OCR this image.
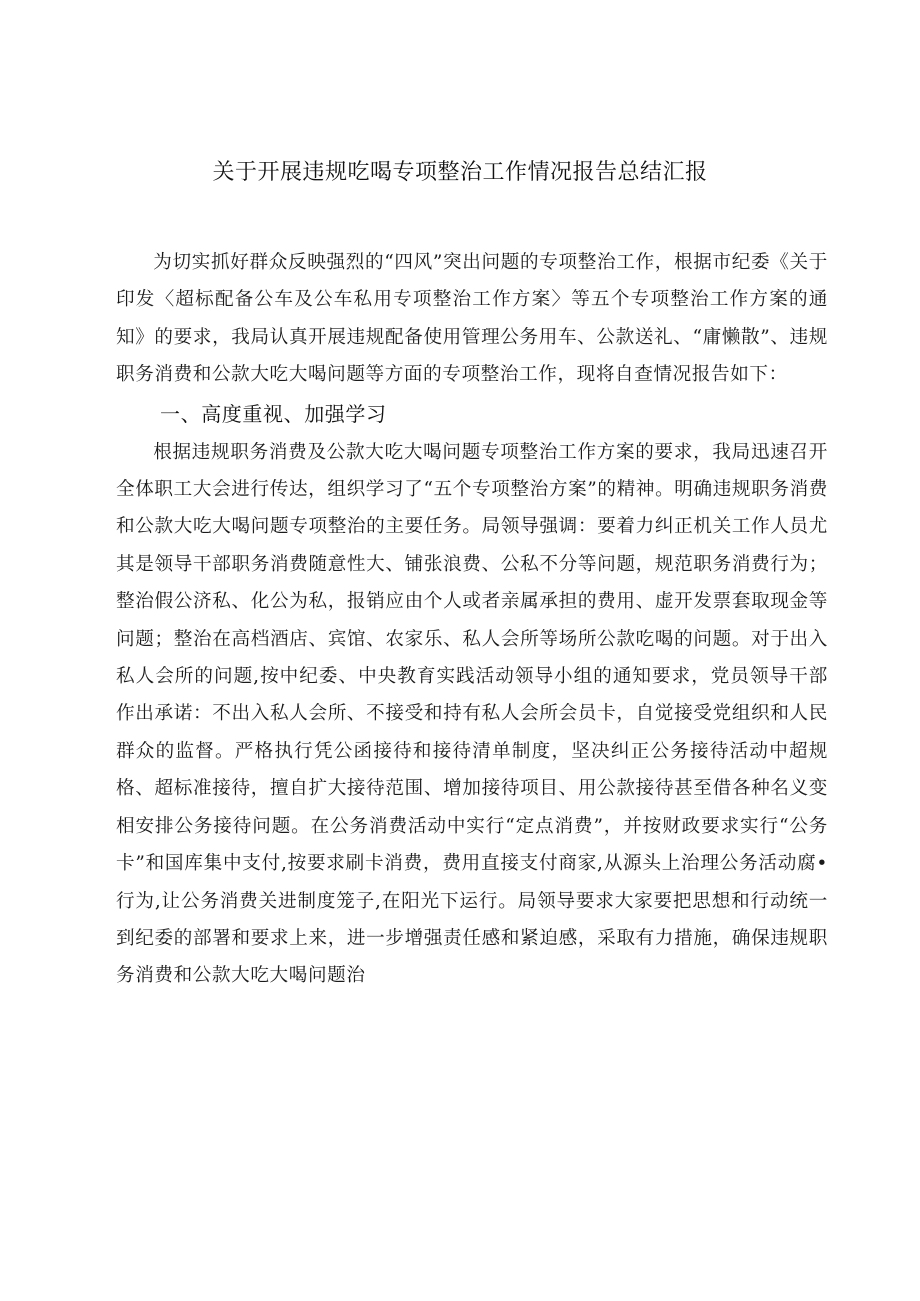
关于开展违规吃喝专项整治工作情况报告总结汇报

为切实抓好群众反映强烈的“四风”突出问题的专项整治工作，根据市纪委《关于印发〈超标配备公车及公车私用专项整治工作方案〉等五个专项整治工作方案的通知》的要求，我局认真开展违规配备使用管理公务用车、公款送礼、“庸懒散”、违规职务消费和公款大吃大喝问题等方面的专项整治工作，现将自查情况报告如下：

一、高度重视、加强学习

根据违规职务消费及公款大吃大喝问题专项整治工作方案的要求，我局迅速召开全体职工大会进行传达，组织学习了“五个专项整治方案”的精神。明确违规职务消费和公款大吃大喝问题专项整治的主要任务。局领导强调：要着力纠正机关工作人员尤其是领导干部职务消费随意性大、铺张浪费、公私不分等问题，规范职务消费行为；整治假公济私、化公为私，报销应由个人或者亲属承担的费用、虚开发票套取现金等问题；整治在高档酒店、宾馆、农家乐、私人会所等场所公款吃喝的问题。对于出入私人会所的问题,按中纪委、中央教育实践活动领导小组的通知要求，党员领导干部作出承诺：不出入私人会所、不接受和持有私人会所会员卡，自觉接受党组织和人民群众的监督。严格执行凭公函接待和接待清单制度，坚决纠正公务接待活动中超规格、超标准接待，擅自扩大接待范围、增加接待项目、用公款接待甚至借各种名义变相安排公务接待问题。在公务消费活动中实行“定点消费”，并按财政要求实行“公务卡”和国库集中支付,按要求刷卡消费，费用直接支付商家,从源头上治理公务活动腐•行为,让公务消费关进制度笼子,在阳光下运行。局领导要求大家要把思想和行动统一到纪委的部署和要求上来，进一步增强责任感和紧迫感，采取有力措施，确保违规职务消费和公款大吃大喝问题治
